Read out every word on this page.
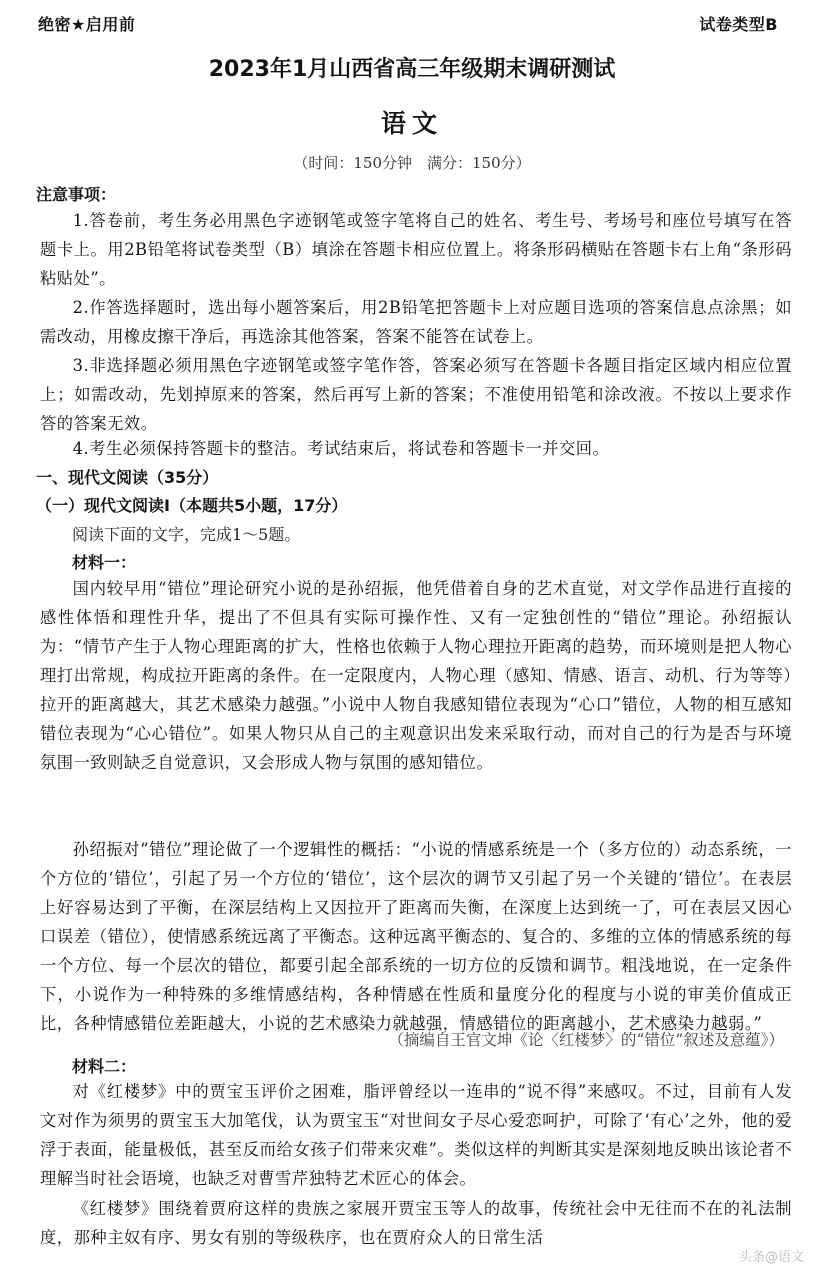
绝密★启用前	试卷类型B
2023年1月山西省高三年级期末调研测试
语文
（时间：150分钟　满分：150分）
注意事项：

1.答卷前，考生务必用黑色字迹钢笔或签字笔将自己的姓名、考生号、考场号和座位号填写在答题卡上。用2B铅笔将试卷类型（B）填涂在答题卡相应位置上。将条形码横贴在答题卡右上角“条形码粘贴处”。

2.作答选择题时，选出每小题答案后，用2B铅笔把答题卡上对应题目选项的答案信息点涂黑；如需改动，用橡皮擦干净后，再选涂其他答案，答案不能答在试卷上。

3.非选择题必须用黑色字迹钢笔或签字笔作答，答案必须写在答题卡各题目指定区域内相应位置上；如需改动，先划掉原来的答案，然后再写上新的答案；不准使用铅笔和涂改液。不按以上要求作答的答案无效。

4.考生必须保持答题卡的整洁。考试结束后，将试卷和答题卡一并交回。

一、现代文阅读（35分）
（一）现代文阅读Ⅰ（本题共5小题，17分）
阅读下面的文字，完成1～5题。
材料一：

国内较早用“错位”理论研究小说的是孙绍振，他凭借着自身的艺术直觉，对文学作品进行直接的感性体悟和理性升华，提出了不但具有实际可操作性、又有一定独创性的“错位”理论。孙绍振认为：“情节产生于人物心理距离的扩大，性格也依赖于人物心理拉开距离的趋势，而环境则是把人物心理打出常规，构成拉开距离的条件。在一定限度内，人物心理（感知、情感、语言、动机、行为等等）拉开的距离越大，其艺术感染力越强。”小说中人物自我感知错位表现为“心口”错位，人物的相互感知错位表现为“心心错位”。如果人物只从自己的主观意识出发来采取行动，而对自己的行为是否与环境氛围一致则缺乏自觉意识，又会形成人物与氛围的感知错位。

孙绍振对“错位”理论做了一个逻辑性的概括：“小说的情感系统是一个（多方位的）动态系统，一个方位的‘错位’，引起了另一个方位的‘错位’，这个层次的调节又引起了另一个关键的‘错位’。在表层上好容易达到了平衡，在深层结构上又因拉开了距离而失衡，在深度上达到统一了，可在表层又因心口误差（错位），使情感系统远离了平衡态。这种远离平衡态的、复合的、多维的立体的情感系统的每一个方位、每一个层次的错位，都要引起全部系统的一切方位的反馈和调节。粗浅地说，在一定条件下，小说作为一种特殊的多维情感结构，各种情感在性质和量度分化的程度与小说的审美价值成正比，各种情感错位差距越大，小说的艺术感染力就越强，情感错位的距离越小，艺术感染力越弱。”

（摘编自王官文坤《论〈红楼梦〉的“错位”叙述及意蕴》）
材料二：

对《红楼梦》中的贾宝玉评价之困难，脂评曾经以一连串的“说不得”来感叹。不过，目前有人发文对作为须男的贾宝玉大加笔伐，认为贾宝玉“对世间女子尽心爱恋呵护，可除了‘有心’之外，他的爱浮于表面，能量极低，甚至反而给女孩子们带来灾难”。类似这样的判断其实是深刻地反映出该论者不理解当时社会语境，也缺乏对曹雪芹独特艺术匠心的体会。

《红楼梦》围绕着贾府这样的贵族之家展开贾宝玉等人的故事，传统社会中无往而不在的礼法制度，那种主奴有序、男女有别的等级秩序，也在贾府众人的日常生活

头条@语文
